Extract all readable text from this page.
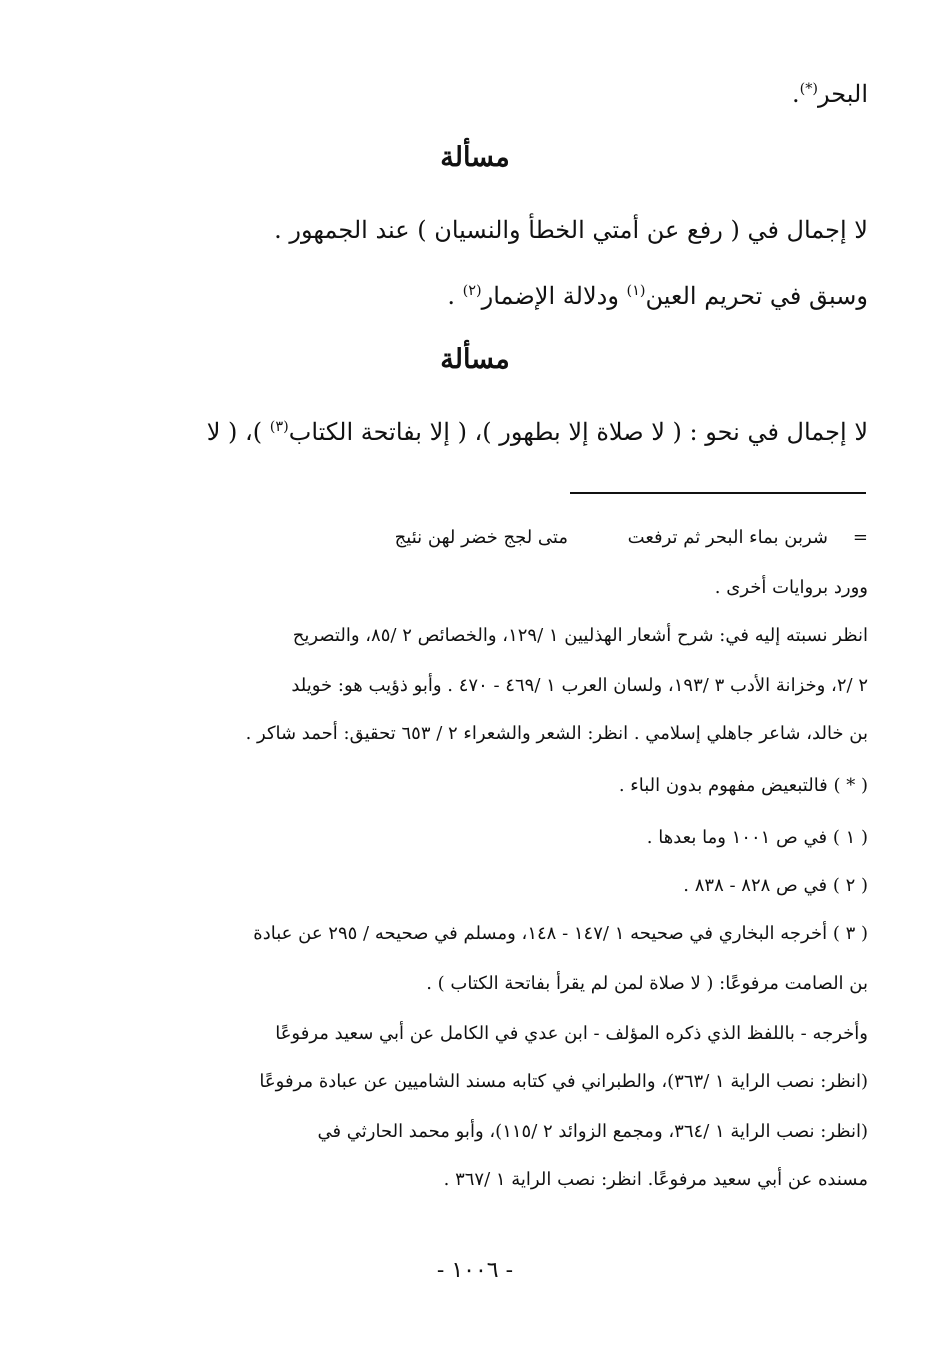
البحر(*).
مسألة
لا إجمال في ( رفع عن أمتي الخطأ والنسيان ) عند الجمهور .
وسبق في تحريم العين$^{(١)}$ ودلالة الإضمار$^{(٢)}$ .
مسألة
لا إجمال في نحو : ( لا صلاة إلا بطهور )، ( إلا بفاتحة الكتاب$^{(٣)}$ )، ( لا
=
شربن بماء البحر ثم ترفعت
متى لجج خضر لهن نئيج
وورد بروايات أخرى .
انظر نسبته إليه في: شرح أشعار الهذليين ١ /١٢٩، والخصائص ٢ /٨٥، والتصريح
٢ /٢، وخزانة الأدب ٣ /١٩٣، ولسان العرب ١ /٤٦٩ - ٤٧٠ . وأبو ذؤيب هو: خويلد
بن خالد، شاعر جاهلي إسلامي . انظر: الشعر والشعراء ٢ / ٦٥٣ تحقيق: أحمد شاكر .
( * ) فالتبعيض مفهوم بدون الباء .
( ١ ) في ص ١٠٠١ وما بعدها .
( ٢ ) في ص ٨٢٨ - ٨٣٨ .
( ٣ ) أخرجه البخاري في صحيحه ١ /١٤٧ - ١٤٨، ومسلم في صحيحه / ٢٩٥ عن عبادة
بن الصامت مرفوعًا: ( لا صلاة لمن لم يقرأ بفاتحة الكتاب ) .
وأخرجه - باللفظ الذي ذكره المؤلف - ابن عدي في الكامل عن أبي سعيد مرفوعًا
(انظر: نصب الراية ١ /٣٦٣)، والطبراني في كتابه مسند الشاميين عن عبادة مرفوعًا
(انظر: نصب الراية ١ /٣٦٤، ومجمع الزوائد ٢ /١١٥)، وأبو محمد الحارثي في
مسنده عن أبي سعيد مرفوعًا. انظر: نصب الراية ١ /٣٦٧ .
- ١٠٠٦ -
